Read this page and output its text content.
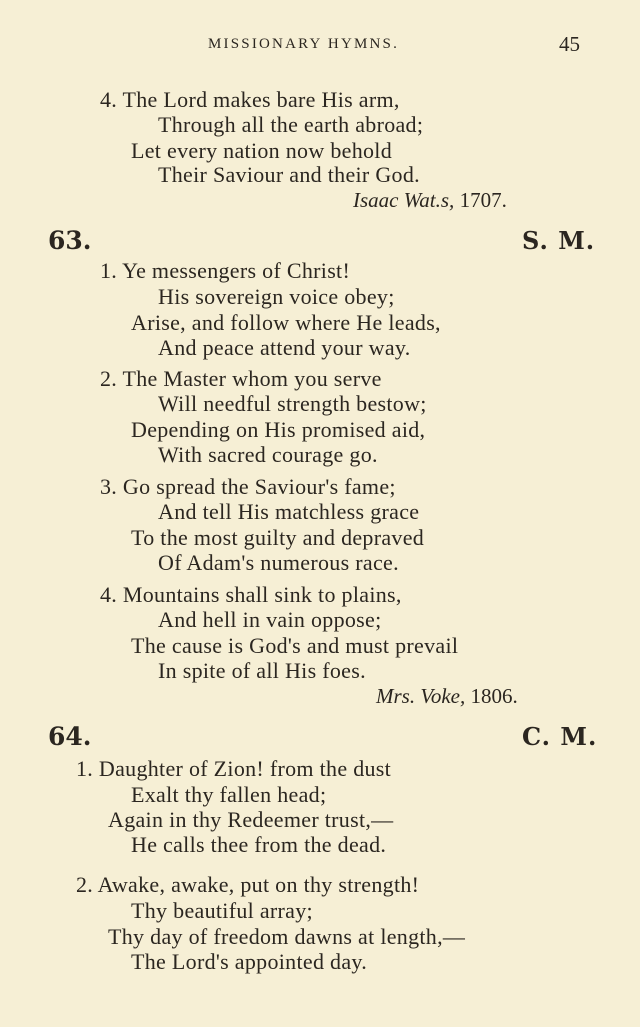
MISSIONARY HYMNS.	45
4. The Lord makes bare His arm,
Through all the earth abroad;
Let every nation now behold
Their Saviour and their God.
Isaac Wat.s, 1707.
63.	S. M.
1. Ye messengers of Christ!
His sovereign voice obey;
Arise, and follow where He leads,
And peace attend your way.
2. The Master whom you serve
Will needful strength bestow;
Depending on His promised aid,
With sacred courage go.
3. Go spread the Saviour's fame;
And tell His matchless grace
To the most guilty and depraved
Of Adam's numerous race.
4. Mountains shall sink to plains,
And hell in vain oppose;
The cause is God's and must prevail
In spite of all His foes.
Mrs. Voke, 1806.
64.	C. M.
1. Daughter of Zion! from the dust
Exalt thy fallen head;
Again in thy Redeemer trust,—
He calls thee from the dead.
2. Awake, awake, put on thy strength!
Thy beautiful array;
Thy day of freedom dawns at length,—
The Lord's appointed day.
